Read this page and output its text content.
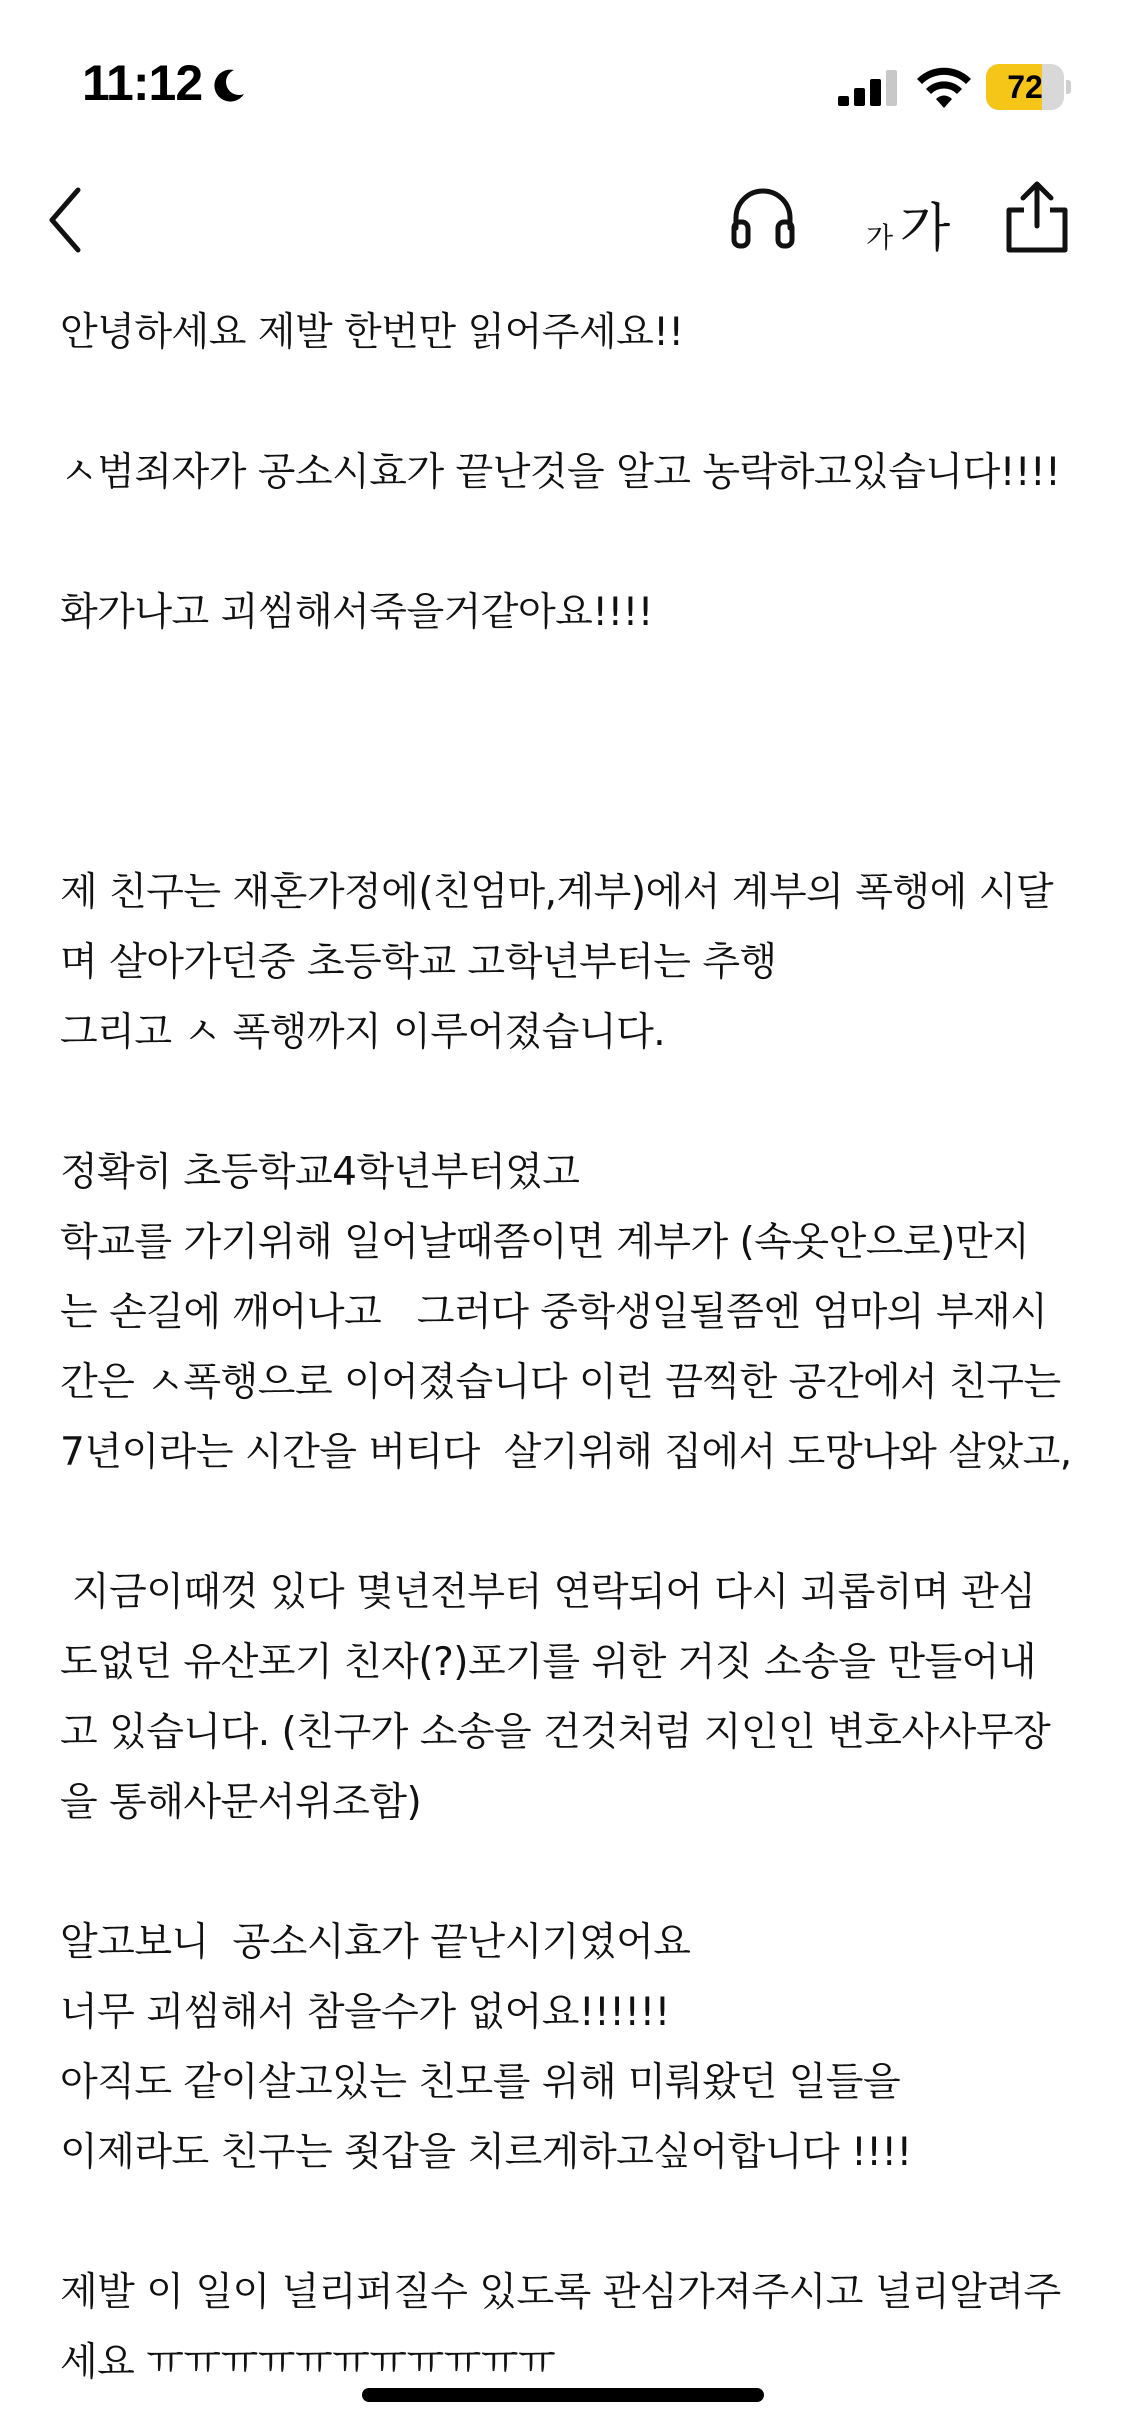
11:12	72
가 가
안녕하세요 제발 한번만 읽어주세요!!
ㅅ범죄자가 공소시효가 끝난것을 알고 농락하고있습니다!!!!
화가나고 괴씸해서죽을거같아요!!!!
제 친구는 재혼가정에(친엄마,계부)에서 계부의 폭행에 시달
며 살아가던중 초등학교 고학년부터는 추행
그리고 ㅅ 폭행까지 이루어졌습니다.
정확히 초등학교4학년부터였고
학교를 가기위해 일어날때쯤이면 계부가 (속옷안으로)만지
는 손길에 깨어나고   그러다 중학생일될쯤엔 엄마의 부재시
간은 ㅅ폭행으로 이어졌습니다 이런 끔찍한 공간에서 친구는
7년이라는 시간을 버티다  살기위해 집에서 도망나와 살았고,
지금이때껏 있다 몇년전부터 연락되어 다시 괴롭히며 관심
도없던 유산포기 친자(?)포기를 위한 거짓 소송을 만들어내
고 있습니다. (친구가 소송을 건것처럼 지인인 변호사사무장
을 통해사문서위조함)
알고보니  공소시효가 끝난시기였어요
너무 괴씸해서 참을수가 없어요!!!!!!
아직도 같이살고있는 친모를 위해 미뤄왔던 일들을
이제라도 친구는 죗갑을 치르게하고싶어합니다 !!!!
제발 이 일이 널리퍼질수 있도록 관심가져주시고 널리알려주
세요 ㅠㅠㅠㅠㅠㅠㅠㅠㅠㅠㅠ
